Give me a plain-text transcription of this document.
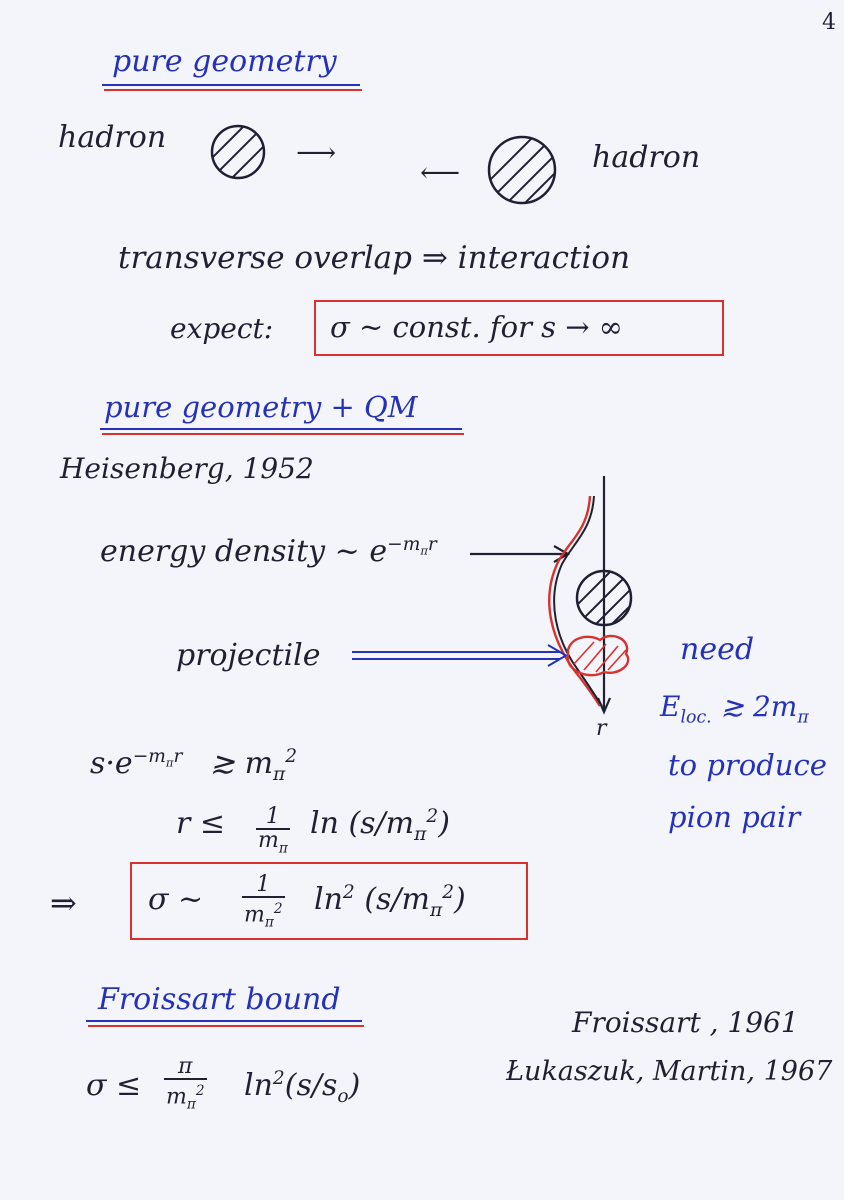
4
pure geometry
hadron	⟶
⟵	hadron
transverse overlap ⇒ interaction
expect: σ ~ const. for s → ∞
pure geometry + QM
Heisenberg, 1952
energy density ~ $e^{-m_\pi r}$
projectile
r
need
$E_{loc.}$ ≳ $2m_\pi$
to produce
pion pair
$s\cdot e^{-m_\pi r}$ ≳ $m_\pi^2$
$r \le \frac{1}{m_\pi}$ $\ln (s/m_\pi^2)$
⇒ σ ~ $\frac{1}{m_\pi^2} \ln^2 (s/m_\pi^2)$
Froissart bound
$\sigma \le \frac{\pi}{m_\pi^2} \ln^2(s/s_o)$
Froissart , 1961
Łukaszuk, Martin, 1967
